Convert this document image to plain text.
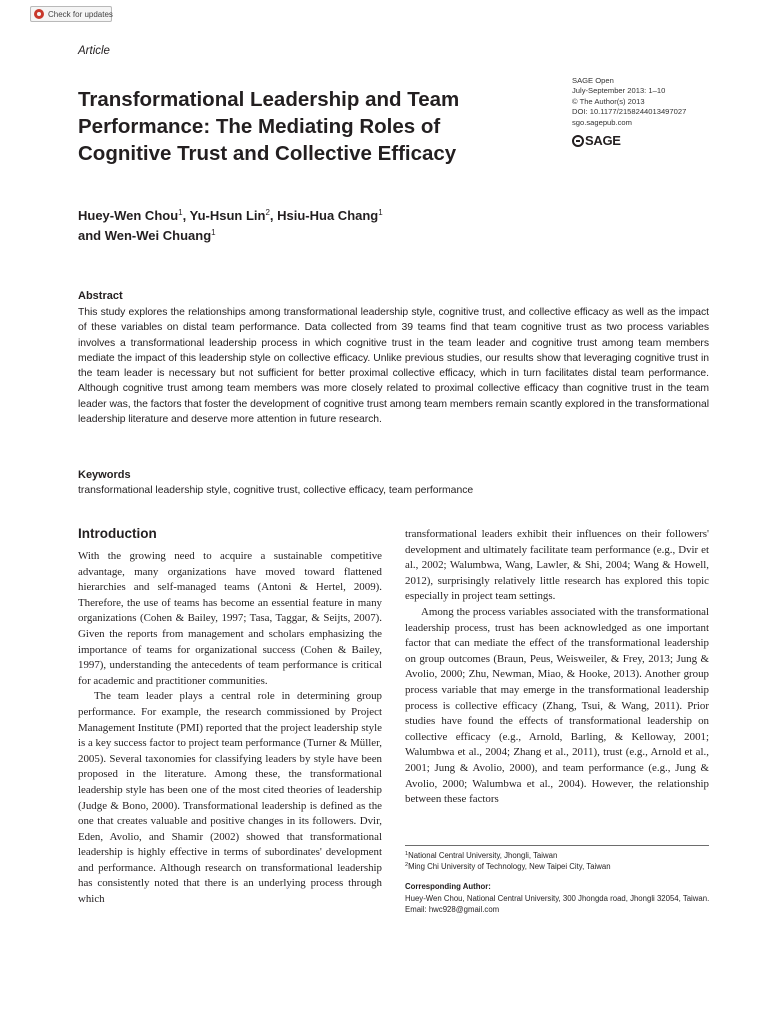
Check for updates
Article
Transformational Leadership and Team Performance: The Mediating Roles of Cognitive Trust and Collective Efficacy
SAGE Open
July-September 2013: 1–10
© The Author(s) 2013
DOI: 10.1177/2158244013497027
sgo.sagepub.com
SAGE
Huey-Wen Chou$^1$, Yu-Hsun Lin$^2$, Hsiu-Hua Chang$^1$
and Wen-Wei Chuang$^1$
Abstract

This study explores the relationships among transformational leadership style, cognitive trust, and collective efficacy as well as the impact of these variables on distal team performance. Data collected from 39 teams find that team cognitive trust as two process variables involves a transformational leadership process in which cognitive trust in the team leader and cognitive trust among team members mediate the impact of this leadership style on collective efficacy. Unlike previous studies, our results show that leveraging cognitive trust in the team leader is necessary but not sufficient for better proximal collective efficacy, which in turn facilitates distal team performance. Although cognitive trust among team members was more closely related to proximal collective efficacy than cognitive trust in the team leader was, the factors that foster the development of cognitive trust among team members remain scantly explored in the transformational leadership literature and deserve more attention in future research.

Keywords
transformational leadership style, cognitive trust, collective efficacy, team performance
Introduction

With the growing need to acquire a sustainable competitive advantage, many organizations have moved toward flattened hierarchies and self-managed teams (Antoni & Hertel, 2009). Therefore, the use of teams has become an essential feature in many organizations (Cohen & Bailey, 1997; Tasa, Taggar, & Seijts, 2007). Given the reports from management and scholars emphasizing the importance of teams for organizational success (Cohen & Bailey, 1997), understanding the antecedents of team performance is critical for academic and practitioner communities.

The team leader plays a central role in determining group performance. For example, the research commissioned by Project Management Institute (PMI) reported that the project leadership style is a key success factor to project team performance (Turner & Müller, 2005). Several taxonomies for classifying leaders by style have been proposed in the literature. Among these, the transformational leadership style has been one of the most cited theories of leadership (Judge & Bono, 2000). Transformational leadership is defined as the one that creates valuable and positive changes in its followers. Dvir, Eden, Avolio, and Shamir (2002) showed that transformational leadership is highly effective in terms of subordinates' development and performance. Although research on transformational leadership has consistently noted that there is an underlying process through which

transformational leaders exhibit their influences on their followers' development and ultimately facilitate team performance (e.g., Dvir et al., 2002; Walumbwa, Wang, Lawler, & Shi, 2004; Wang & Howell, 2012), surprisingly relatively little research has explored this topic especially in project team settings.

Among the process variables associated with the transformational leadership process, trust has been acknowledged as one important factor that can mediate the effect of the transformational leadership on group outcomes (Braun, Peus, Weisweiler, & Frey, 2013; Jung & Avolio, 2000; Zhu, Newman, Miao, & Hooke, 2013). Another group process variable that may emerge in the transformational leadership process is collective efficacy (Zhang, Tsui, & Wang, 2011). Prior studies have found the effects of transformational leadership on collective efficacy (e.g., Arnold, Barling, & Kelloway, 2001; Walumbwa et al., 2004; Zhang et al., 2011), trust (e.g., Arnold et al., 2001; Jung & Avolio, 2000), and team performance (e.g., Jung & Avolio, 2000; Walumbwa et al., 2004). However, the relationship between these factors

$^1$National Central University, Jhongli, Taiwan
$^2$Ming Chi University of Technology, New Taipei City, Taiwan
Corresponding Author:
Huey-Wen Chou, National Central University, 300 Jhongda road, Jhongli 32054, Taiwan.
Email: hwc928@gmail.com
